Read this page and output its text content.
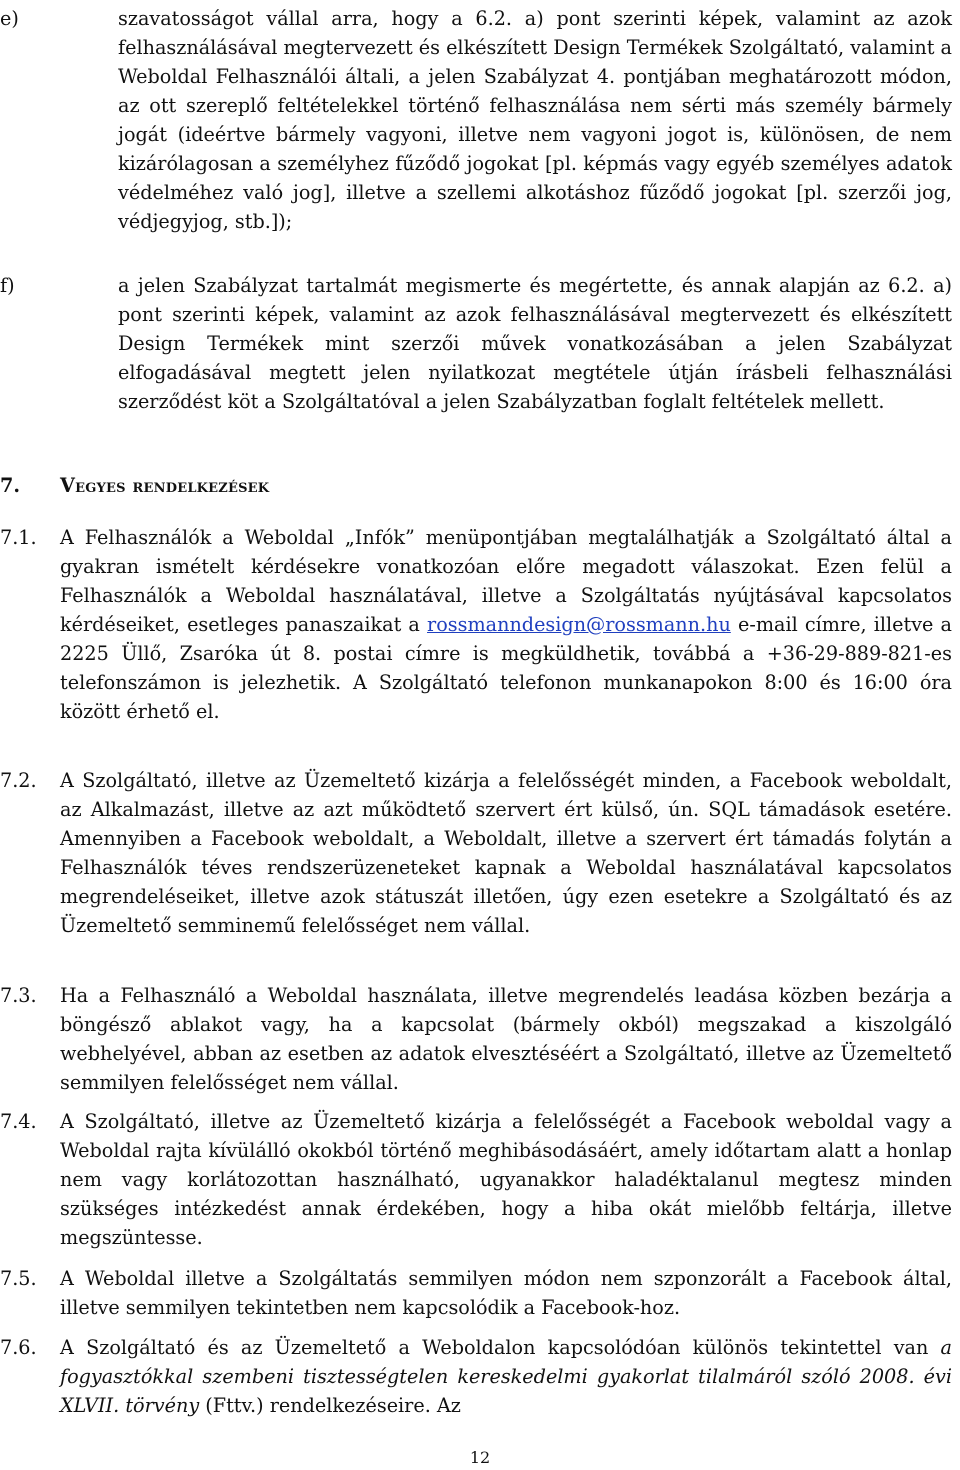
e)	szavatosságot vállal arra, hogy a 6.2. a) pont szerinti képek, valamint az azok felhasználásával megtervezett és elkészített Design Termékek Szolgáltató, valamint a Weboldal Felhasználói általi, a jelen Szabályzat 4. pontjában meghatározott módon, az ott szereplő feltételekkel történő felhasználása nem sérti más személy bármely jogát (ideértve bármely vagyoni, illetve nem vagyoni jogot is, különösen, de nem kizárólagosan a személyhez fűződő jogokat [pl. képmás vagy egyéb személyes adatok védelméhez való jog], illetve a szellemi alkotáshoz fűződő jogokat [pl. szerzői jog, védjegyjog, stb.]);
f)	a jelen Szabályzat tartalmát megismerte és megértette, és annak alapján az 6.2. a) pont szerinti képek, valamint az azok felhasználásával megtervezett és elkészített Design Termékek mint szerzői művek vonatkozásában a jelen Szabályzat elfogadásával megtett jelen nyilatkozat megtétele útján írásbeli felhasználási szerződést köt a Szolgáltatóval a jelen Szabályzatban foglalt feltételek mellett.
7. Vegyes rendelkezések
7.1. A Felhasználók a Weboldal „Infók” menüpontjában megtalálhatják a Szolgáltató által a gyakran ismételt kérdésekre vonatkozóan előre megadott válaszokat. Ezen felül a Felhasználók a Weboldal használatával, illetve a Szolgáltatás nyújtásával kapcsolatos kérdéseiket, esetleges panaszaikat a rossmanndesign@rossmann.hu e-mail címre, illetve a 2225 Üllő, Zsaróka út 8. postai címre is megküldhetik, továbbá a +36-29-889-821-es telefonszámon is jelezhetik. A Szolgáltató telefonon munkanapokon 8:00 és 16:00 óra között érhető el.
7.2. A Szolgáltató, illetve az Üzemeltető kizárja a felelősségét minden, a Facebook weboldalt, az Alkalmazást, illetve az azt működtető szervert ért külső, ún. SQL támadások esetére. Amennyiben a Facebook weboldalt, a Weboldalt, illetve a szervert ért támadás folytán a Felhasználók téves rendszerüzeneteket kapnak a Weboldal használatával kapcsolatos megrendeléseiket, illetve azok státuszát illetően, úgy ezen esetekre a Szolgáltató és az Üzemeltető semminemű felelősséget nem vállal.
7.3. Ha a Felhasználó a Weboldal használata, illetve megrendelés leadása közben bezárja a böngésző ablakot vagy, ha a kapcsolat (bármely okból) megszakad a kiszolgáló webhelyével, abban az esetben az adatok elvesztéséért a Szolgáltató, illetve az Üzemeltető semmilyen felelősséget nem vállal.
7.4. A Szolgáltató, illetve az Üzemeltető kizárja a felelősségét a Facebook weboldal vagy a Weboldal rajta kívülálló okokból történő meghibásodásáért, amely időtartam alatt a honlap nem vagy korlátozottan használható, ugyanakkor haladéktalanul megtesz minden szükséges intézkedést annak érdekében, hogy a hiba okát mielőbb feltárja, illetve megszüntesse.
7.5. A Weboldal illetve a Szolgáltatás semmilyen módon nem szponzorált a Facebook által, illetve semmilyen tekintetben nem kapcsolódik a Facebook-hoz.
7.6. A Szolgáltató és az Üzemeltető a Weboldalon kapcsolódóan különös tekintettel van a fogyasztókkal szembeni tisztességtelen kereskedelmi gyakorlat tilalmáról szóló 2008. évi XLVII. törvény (Fttv.) rendelkezéseire. Az
12
